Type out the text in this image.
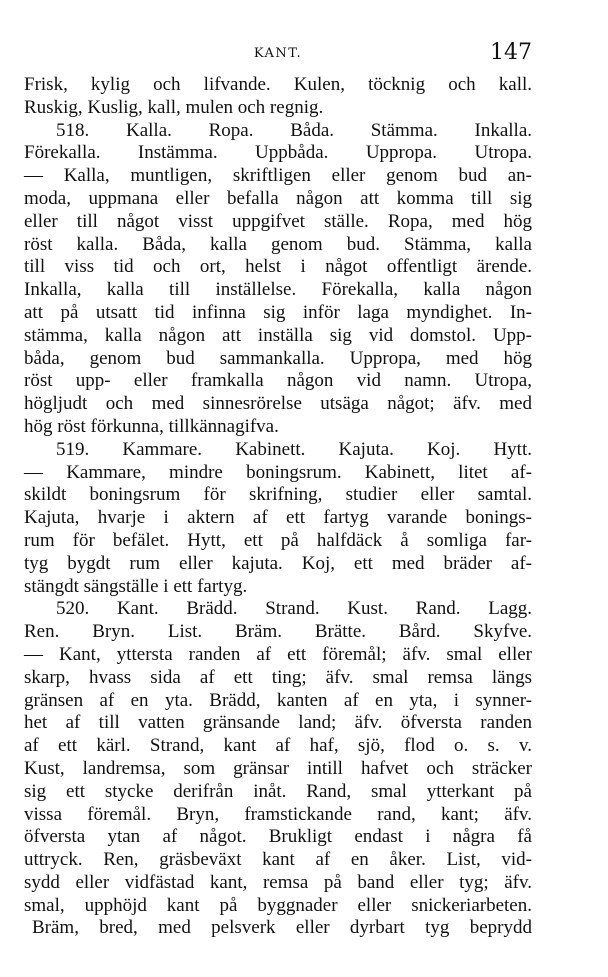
KANT.	147
Frisk, kylig och lifvande. Kulen, töcknig och kall.
Ruskig, Kuslig, kall, mulen och regnig.
518. Kalla. Ropa. Båda. Stämma. Inkalla.
Förekalla. Instämma. Uppbåda. Uppropa. Utropa.
— Kalla, muntligen, skriftligen eller genom bud an-
moda, uppmana eller befalla någon att komma till sig
eller till något visst uppgifvet ställe. Ropa, med hög
röst kalla. Båda, kalla genom bud. Stämma, kalla
till viss tid och ort, helst i något offentligt ärende.
Inkalla, kalla till inställelse. Förekalla, kalla någon
att på utsatt tid infinna sig inför laga myndighet. In-
stämma, kalla någon att inställa sig vid domstol. Upp-
båda, genom bud sammankalla. Uppropa, med hög
röst upp- eller framkalla någon vid namn. Utropa,
högljudt och med sinnesrörelse utsäga något; äfv. med
hög röst förkunna, tillkännagifva.
519. Kammare. Kabinett. Kajuta. Koj. Hytt.
— Kammare, mindre boningsrum. Kabinett, litet af-
skildt boningsrum för skrifning, studier eller samtal.
Kajuta, hvarje i aktern af ett fartyg varande bonings-
rum för befälet. Hytt, ett på halfdäck å somliga far-
tyg bygdt rum eller kajuta. Koj, ett med bräder af-
stängdt sängställe i ett fartyg.
520. Kant. Brädd. Strand. Kust. Rand. Lagg.
Ren. Bryn. List. Bräm. Brätte. Bård. Skyfve.
— Kant, yttersta randen af ett föremål; äfv. smal eller
skarp, hvass sida af ett ting; äfv. smal remsa längs
gränsen af en yta. Brädd, kanten af en yta, i synner-
het af till vatten gränsande land; äfv. öfversta randen
af ett kärl. Strand, kant af haf, sjö, flod o. s. v.
Kust, landremsa, som gränsar intill hafvet och sträcker
sig ett stycke derifrån inåt. Rand, smal ytterkant på
vissa föremål. Bryn, framstickande rand, kant; äfv.
öfversta ytan af något. Brukligt endast i några få
uttryck. Ren, gräsbeväxt kant af en åker. List, vid-
sydd eller vidfästad kant, remsa på band eller tyg; äfv.
smal, upphöjd kant på byggnader eller snickeriarbeten.
Bräm, bred, med pelsverk eller dyrbart tyg beprydd
